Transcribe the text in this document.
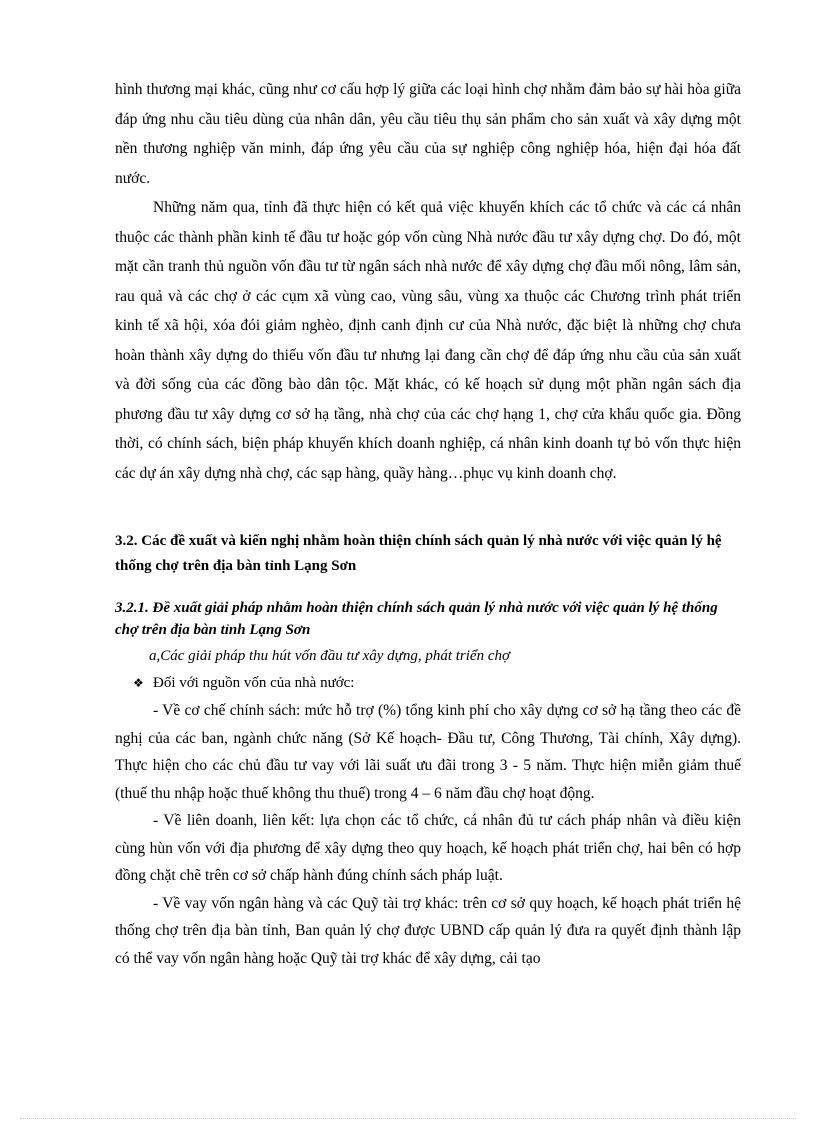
hình thương mại khác, cũng như cơ cấu hợp lý giữa các loại hình chợ nhằm đảm bảo sự hài hòa giữa đáp ứng nhu cầu tiêu dùng của nhân dân, yêu cầu tiêu thụ sản phẩm cho sản xuất và xây dựng một nền thương nghiệp văn minh, đáp ứng yêu cầu của sự nghiệp công nghiệp hóa, hiện đại hóa đất nước.

Những năm qua, tỉnh đã thực hiện có kết quả việc khuyến khích các tổ chức và các cá nhân thuộc các thành phần kinh tế đầu tư hoặc góp vốn cùng Nhà nước đầu tư xây dựng chợ. Do đó, một mặt cần tranh thủ nguồn vốn đầu tư từ ngân sách nhà nước để xây dựng chợ đầu mối nông, lâm sản, rau quả và các chợ ở các cụm xã vùng cao, vùng sâu, vùng xa thuộc các Chương trình phát triển kinh tế xã hội, xóa đói giảm nghèo, định canh định cư của Nhà nước, đặc biệt là những chợ chưa hoàn thành xây dựng do thiếu vốn đầu tư nhưng lại đang cần chợ để đáp ứng nhu cầu của sản xuất và đời sống của các đồng bào dân tộc. Mặt khác, có kế hoạch sử dụng một phần ngân sách địa phương đầu tư xây dựng cơ sở hạ tầng, nhà chợ của các chợ hạng 1, chợ cửa khẩu quốc gia. Đồng thời, có chính sách, biện pháp khuyến khích doanh nghiệp, cá nhân kinh doanh tự bỏ vốn thực hiện các dự án xây dựng nhà chợ, các sạp hàng, quầy hàng…phục vụ kinh doanh chợ.

3.2. Các đề xuất và kiến nghị nhằm hoàn thiện chính sách quản lý nhà nước với việc quản lý hệ thống chợ trên địa bàn tỉnh Lạng Sơn

3.2.1. Đề xuất giải pháp nhằm hoàn thiện chính sách quản lý nhà nước với việc quản lý hệ thống chợ trên địa bàn tỉnh Lạng Sơn

a,Các giải pháp thu hút vốn đầu tư xây dựng, phát triển chợ

❖ Đối với nguồn vốn của nhà nước:

- Về cơ chế chính sách: mức hỗ trợ (%) tổng kinh phí cho xây dựng cơ sở hạ tầng theo các đề nghị của các ban, ngành chức năng (Sở Kế hoạch- Đầu tư, Công Thương, Tài chính, Xây dựng). Thực hiện cho các chủ đầu tư vay với lãi suất ưu đãi trong 3 - 5 năm. Thực hiện miễn giảm thuế (thuế thu nhập hoặc thuế không thu thuế) trong 4 – 6 năm đầu chợ hoạt động.

- Về liên doanh, liên kết: lựa chọn các tổ chức, cá nhân đủ tư cách pháp nhân và điều kiện cùng hùn vốn với địa phương để xây dựng theo quy hoạch, kế hoạch phát triển chợ, hai bên có hợp đồng chặt chẽ trên cơ sở chấp hành đúng chính sách pháp luật.

- Về vay vốn ngân hàng và các Quỹ tài trợ khác: trên cơ sở quy hoạch, kế hoạch phát triển hệ thống chợ trên địa bàn tỉnh, Ban quản lý chợ được UBND cấp quản lý đưa ra quyết định thành lập có thể vay vốn ngân hàng hoặc Quỹ tài trợ khác để xây dựng, cải tạo
